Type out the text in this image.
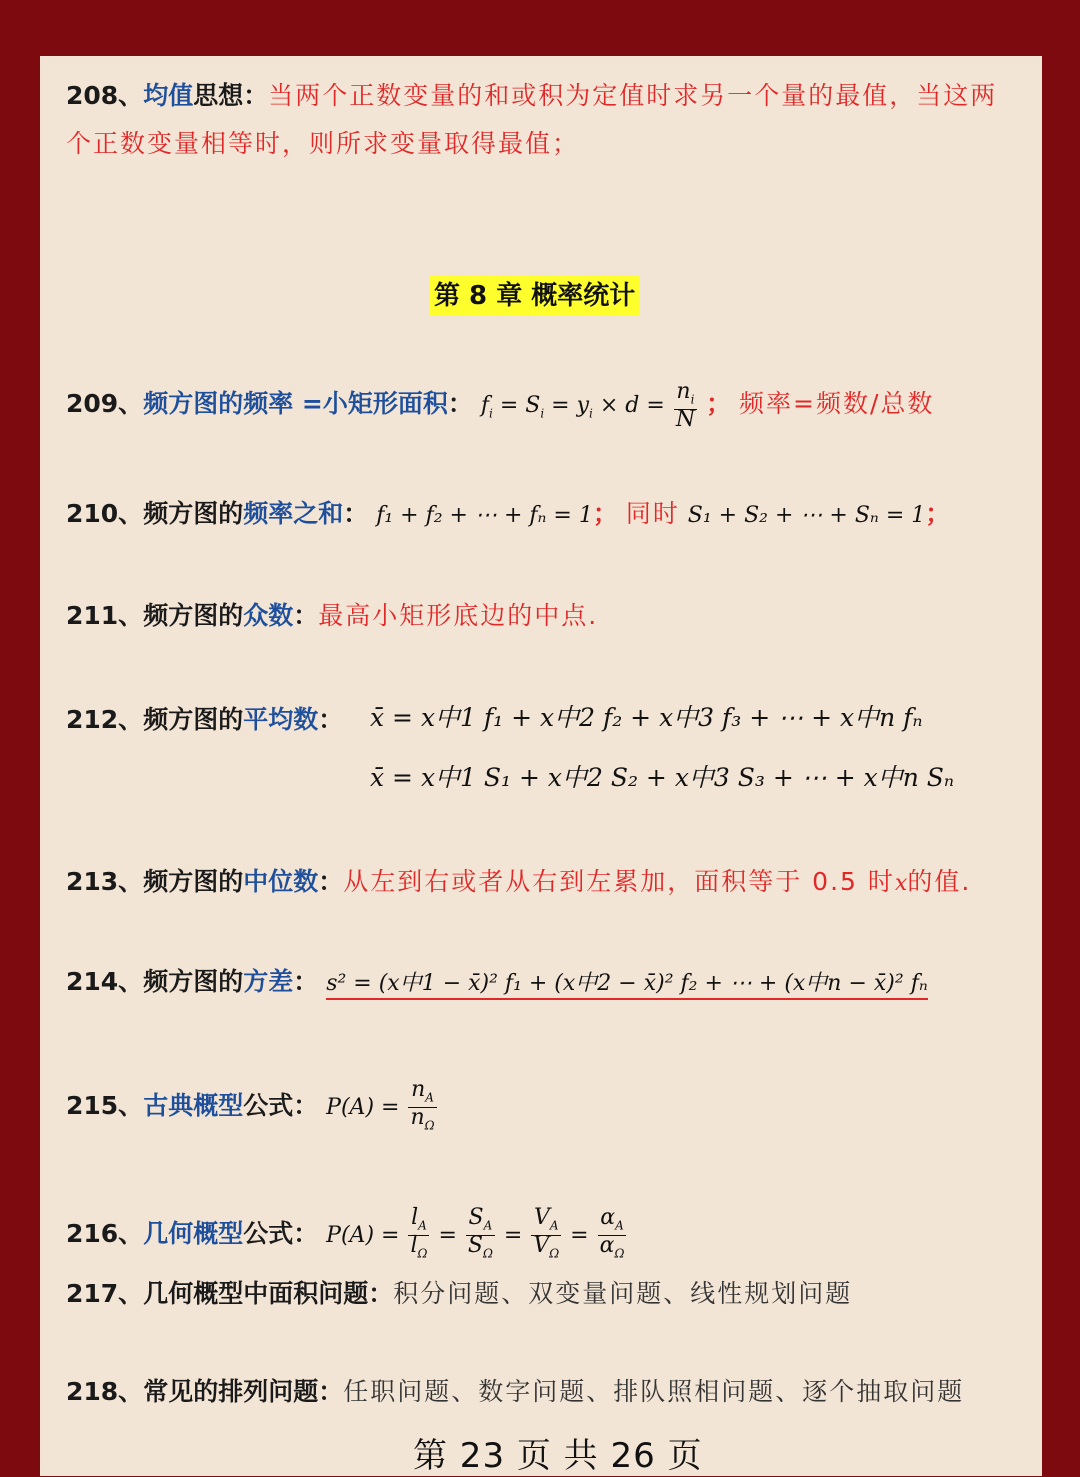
208、均值思想：当两个正数变量的和或积为定值时求另一个量的最值，当这两
个正数变量相等时，则所求变量取得最值；
第 8 章 概率统计
209、频方图的频率 =小矩形面积： $f_i = S_i = y_i \times d = \frac{n_i}{N}$ ； 频率=频数/总数
210、频方图的频率之和： f₁ + f₂ + ⋯ + fₙ = 1； 同时 S₁ + S₂ + ⋯ + Sₙ = 1；
211、频方图的众数：最高小矩形底边的中点.
212、频方图的平均数： x̄ = x中1 f₁ + x中2 f₂ + x中3 f₃ + ⋯ + x中n fₙ
x̄ = x中1 S₁ + x中2 S₂ + x中3 S₃ + ⋯ + x中n Sₙ
213、频方图的中位数：从左到右或者从右到左累加，面积等于 0.5 时x的值.
214、频方图的方差： s² = (x中1 − x̄)² f₁ + (x中2 − x̄)² f₂ + ⋯ + (x中n − x̄)² fₙ
215、古典概型公式： $P(A) = \frac{n_A}{n_\Omega}$
216、几何概型公式： $P(A) = \frac{l_A}{l_\Omega} = \frac{S_A}{S_\Omega} = \frac{V_A}{V_\Omega} = \frac{\alpha_A}{\alpha_\Omega}$
217、几何概型中面积问题：积分问题、双变量问题、线性规划问题
218、常见的排列问题：任职问题、数字问题、排队照相问题、逐个抽取问题
第 23 页 共 26 页
